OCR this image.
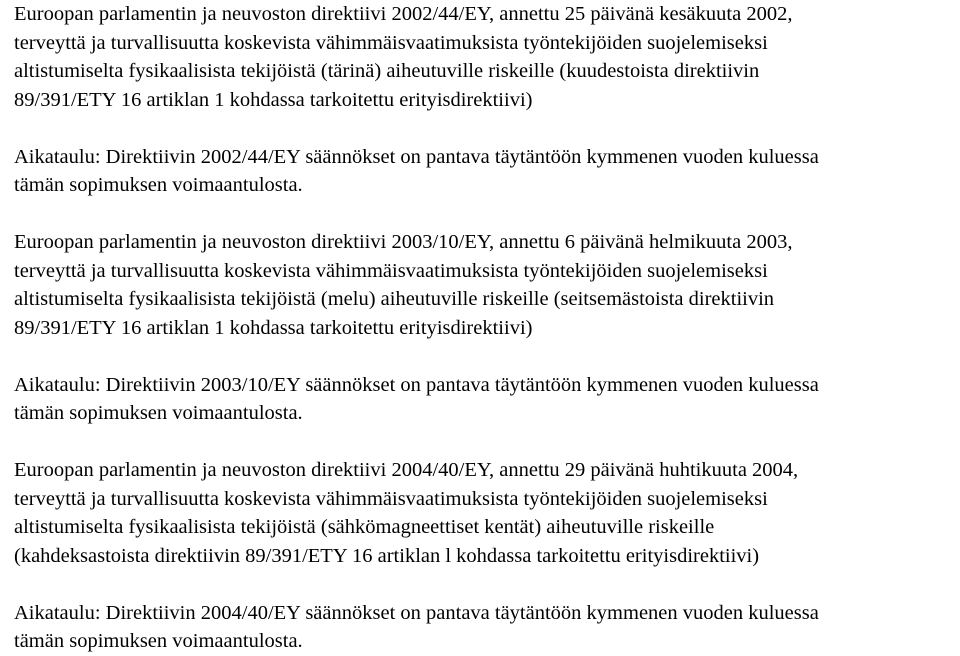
Euroopan parlamentin ja neuvoston direktiivi 2002/44/EY, annettu 25 päivänä kesäkuuta 2002,
terveyttä ja turvallisuutta koskevista vähimmäisvaatimuksista työntekijöiden suojelemiseksi
altistumiselta fysikaalisista tekijöistä (tärinä) aiheutuville riskeille (kuudestoista direktiivin
89/391/ETY 16 artiklan 1 kohdassa tarkoitettu erityisdirektiivi)

Aikataulu: Direktiivin 2002/44/EY säännökset on pantava täytäntöön kymmenen vuoden kuluessa
tämän sopimuksen voimaantulosta.

Euroopan parlamentin ja neuvoston direktiivi 2003/10/EY, annettu 6 päivänä helmikuuta 2003,
terveyttä ja turvallisuutta koskevista vähimmäisvaatimuksista työntekijöiden suojelemiseksi
altistumiselta fysikaalisista tekijöistä (melu) aiheutuville riskeille (seitsemästoista direktiivin
89/391/ETY 16 artiklan 1 kohdassa tarkoitettu erityisdirektiivi)

Aikataulu: Direktiivin 2003/10/EY säännökset on pantava täytäntöön kymmenen vuoden kuluessa
tämän sopimuksen voimaantulosta.

Euroopan parlamentin ja neuvoston direktiivi 2004/40/EY, annettu 29 päivänä huhtikuuta 2004,
terveyttä ja turvallisuutta koskevista vähimmäisvaatimuksista työntekijöiden suojelemiseksi
altistumiselta fysikaalisista tekijöistä (sähkömagneettiset kentät) aiheutuville riskeille
(kahdeksastoista direktiivin 89/391/ETY 16 artiklan l kohdassa tarkoitettu erityisdirektiivi)

Aikataulu: Direktiivin 2004/40/EY säännökset on pantava täytäntöön kymmenen vuoden kuluessa
tämän sopimuksen voimaantulosta.
